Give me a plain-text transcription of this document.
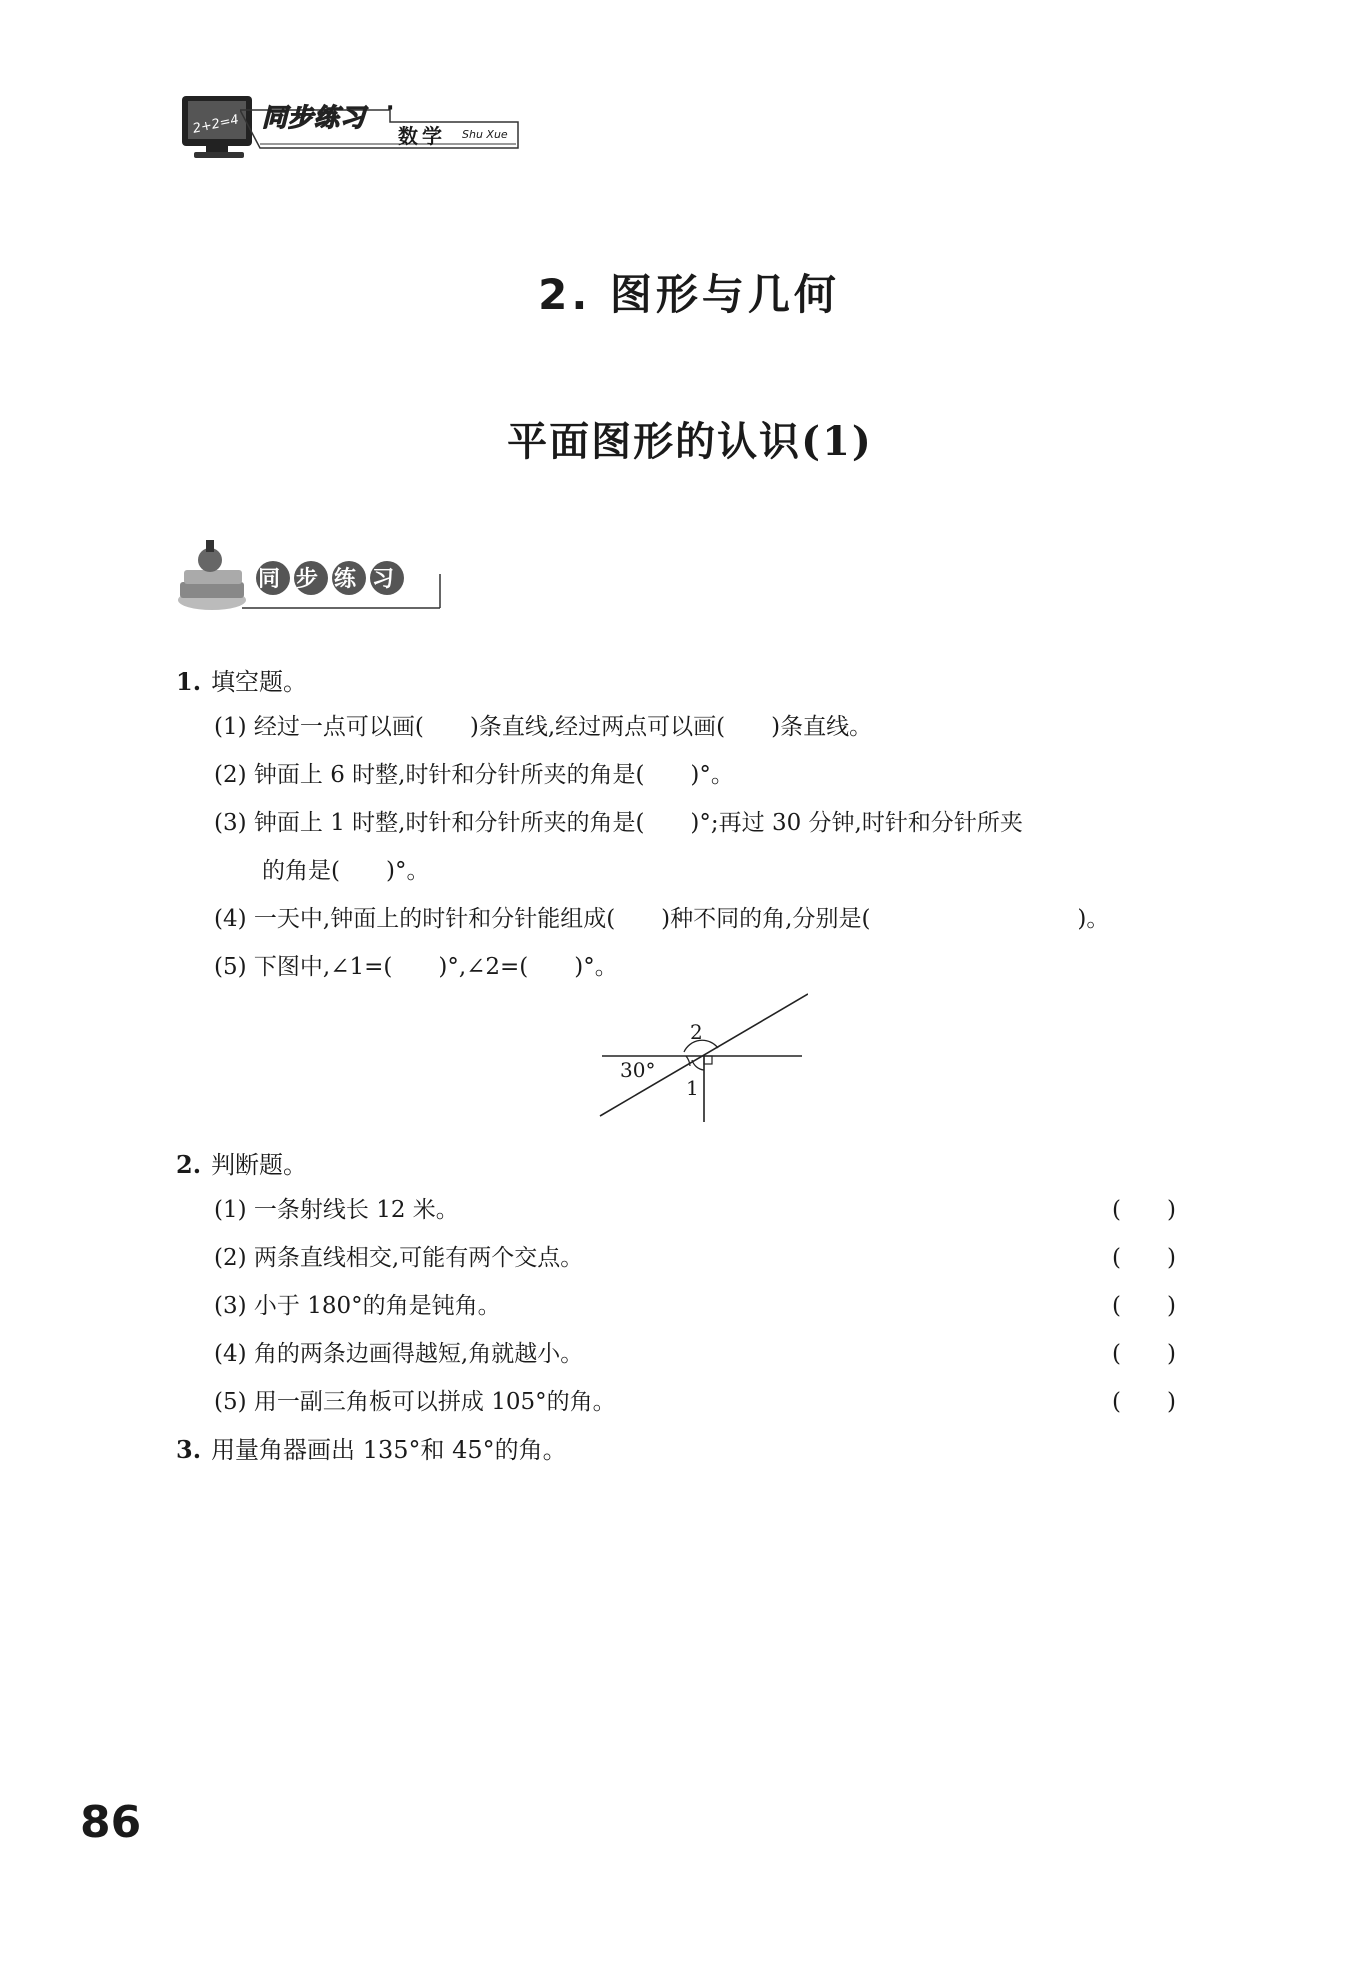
2+2=4 同步练习 ·
数学 Shu Xue
2. 图形与几何
平面图形的认识(1)
同步练习
1. 填空题。
(1) 经过一点可以画(　　)条直线,经过两点可以画(　　)条直线。
(2) 钟面上 6 时整,时针和分针所夹的角是(　　)°。
(3) 钟面上 1 时整,时针和分针所夹的角是(　　)°;再过 30 分钟,时针和分针所夹
的角是(　　)°。
(4) 一天中,钟面上的时针和分针能组成(　　)种不同的角,分别是(　　　　　　　　　)。
(5) 下图中,∠1=(　　)°,∠2=(　　)°。
30°
1
2
2. 判断题。
(1) 一条射线长 12 米。	(　　)
(2) 两条直线相交,可能有两个交点。	(　　)
(3) 小于 180°的角是钝角。	(　　)
(4) 角的两条边画得越短,角就越小。	(　　)
(5) 用一副三角板可以拼成 105°的角。	(　　)
3. 用量角器画出 135°和 45°的角。
86
